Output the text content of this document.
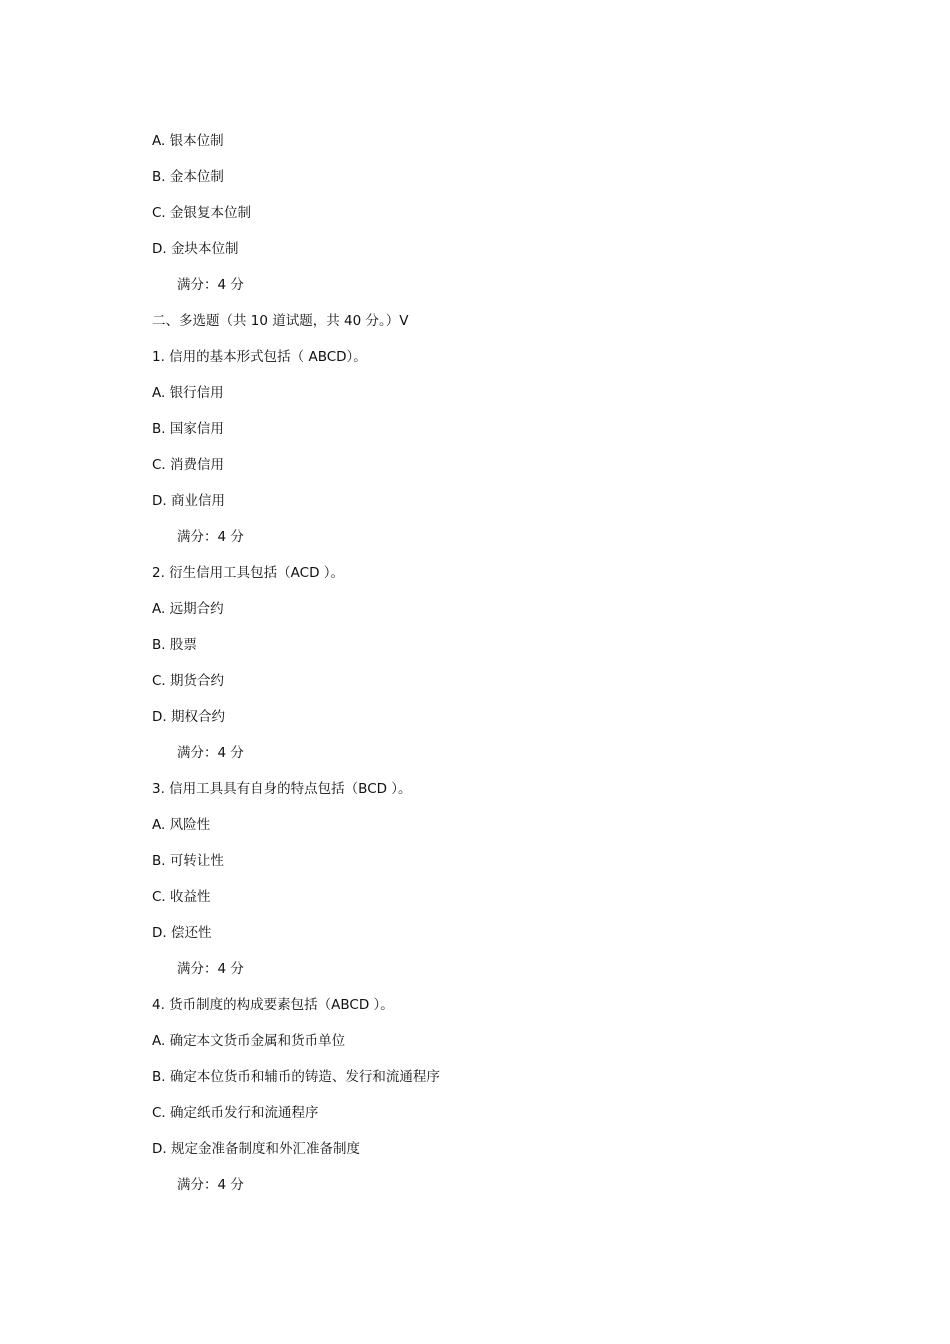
A. 银本位制
B. 金本位制
C. 金银复本位制
D. 金块本位制
满分：4 分
二、多选题（共 10 道试题，共 40 分。）V
1. 信用的基本形式包括（ ABCD）。
A. 银行信用
B. 国家信用
C. 消费信用
D. 商业信用
满分：4 分
2. 衍生信用工具包括（ACD ）。
A. 远期合约
B. 股票
C. 期货合约
D. 期权合约
满分：4 分
3. 信用工具具有自身的特点包括（BCD ）。
A. 风险性
B. 可转让性
C. 收益性
D. 偿还性
满分：4 分
4. 货币制度的构成要素包括（ABCD ）。
A. 确定本文货币金属和货币单位
B. 确定本位货币和辅币的铸造、发行和流通程序
C. 确定纸币发行和流通程序
D. 规定金准备制度和外汇准备制度
满分：4 分
